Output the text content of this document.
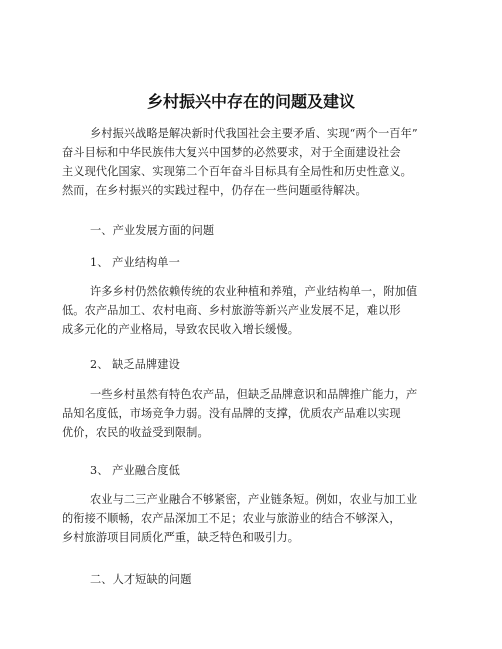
乡村振兴中存在的问题及建议

乡村振兴战略是解决新时代我国社会主要矛盾、实现“两个一百年”
奋斗目标和中华民族伟大复兴中国梦的必然要求，对于全面建设社会
主义现代化国家、实现第二个百年奋斗目标具有全局性和历史性意义。
然而，在乡村振兴的实践过程中，仍存在一些问题亟待解决。

一、产业发展方面的问题

1、 产业结构单一

许多乡村仍然依赖传统的农业种植和养殖，产业结构单一，附加值
低。农产品加工、农村电商、乡村旅游等新兴产业发展不足，难以形
成多元化的产业格局，导致农民收入增长缓慢。

2、 缺乏品牌建设

一些乡村虽然有特色农产品，但缺乏品牌意识和品牌推广能力，产
品知名度低，市场竞争力弱。没有品牌的支撑，优质农产品难以实现
优价，农民的收益受到限制。

3、 产业融合度低

农业与二三产业融合不够紧密，产业链条短。例如，农业与加工业
的衔接不顺畅，农产品深加工不足；农业与旅游业的结合不够深入，
乡村旅游项目同质化严重，缺乏特色和吸引力。

二、人才短缺的问题
